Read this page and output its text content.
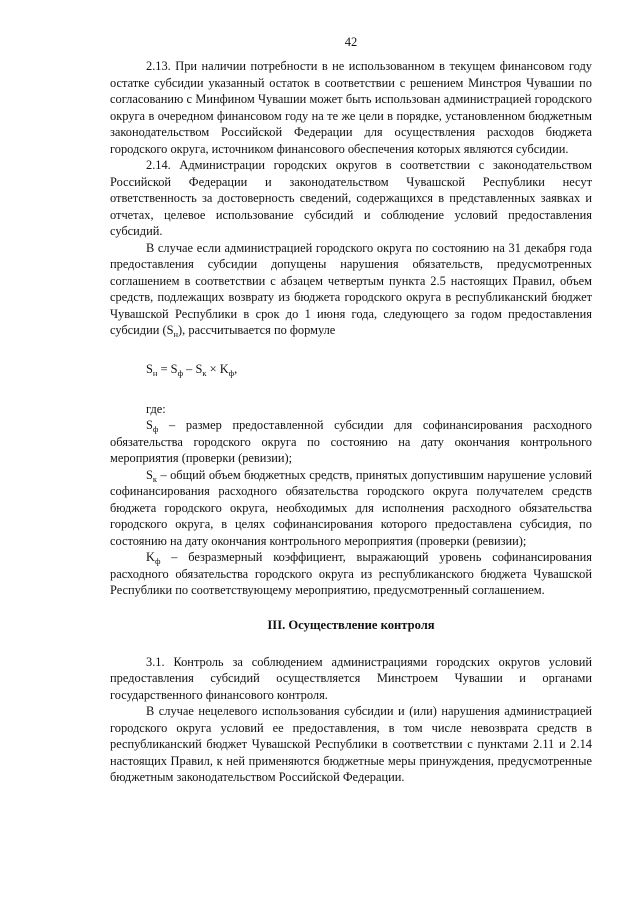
42

2.13. При наличии потребности в не использованном в текущем финансовом году остатке субсидии указанный остаток в соответствии с решением Минстроя Чувашии по согласованию с Минфином Чувашии может быть использован администрацией городского округа в очередном финансовом году на те же цели в порядке, установленном бюджетным законодательством Российской Федерации для осуществления расходов бюджета городского округа, источником финансового обеспечения которых являются субсидии.

2.14. Администрации городских округов в соответствии с законодательством Российской Федерации и законодательством Чувашской Республики несут ответственность за достоверность сведений, содержащихся в представленных заявках и отчетах, целевое использование субсидий и соблюдение условий предоставления субсидий.

В случае если администрацией городского округа по состоянию на 31 декабря года предоставления субсидии допущены нарушения обязательств, предусмотренных соглашением в соответствии с абзацем четвертым пункта 2.5 настоящих Правил, объем средств, подлежащих возврату из бюджета городского округа в республиканский бюджет Чувашской Республики в срок до 1 июня года, следующего за годом предоставления субсидии $(S_н)$, рассчитывается по формуле

$S_н = S_ф - S_к \times K_ф$,

где:

$S_ф$ – размер предоставленной субсидии для софинансирования расходного обязательства городского округа по состоянию на дату окончания контрольного мероприятия (проверки (ревизии);

$S_к$ – общий объем бюджетных средств, принятых допустившим нарушение условий софинансирования расходного обязательства городского округа получателем средств бюджета городского округа, необходимых для исполнения расходного обязательства городского округа, в целях софинансирования которого предоставлена субсидия, по состоянию на дату окончания контрольного мероприятия (проверки (ревизии);

$K_ф$ – безразмерный коэффициент, выражающий уровень софинансирования расходного обязательства городского округа из республиканского бюджета Чувашской Республики по соответствующему мероприятию, предусмотренный соглашением.

III. Осуществление контроля

3.1. Контроль за соблюдением администрациями городских округов условий предоставления субсидий осуществляется Минстроем Чувашии и органами государственного финансового контроля.

В случае нецелевого использования субсидии и (или) нарушения администрацией городского округа условий ее предоставления, в том числе невозврата средств в республиканский бюджет Чувашской Республики в соответствии с пунктами 2.11 и 2.14 настоящих Правил, к ней применяются бюджетные меры принуждения, предусмотренные бюджетным законодательством Российской Федерации.
